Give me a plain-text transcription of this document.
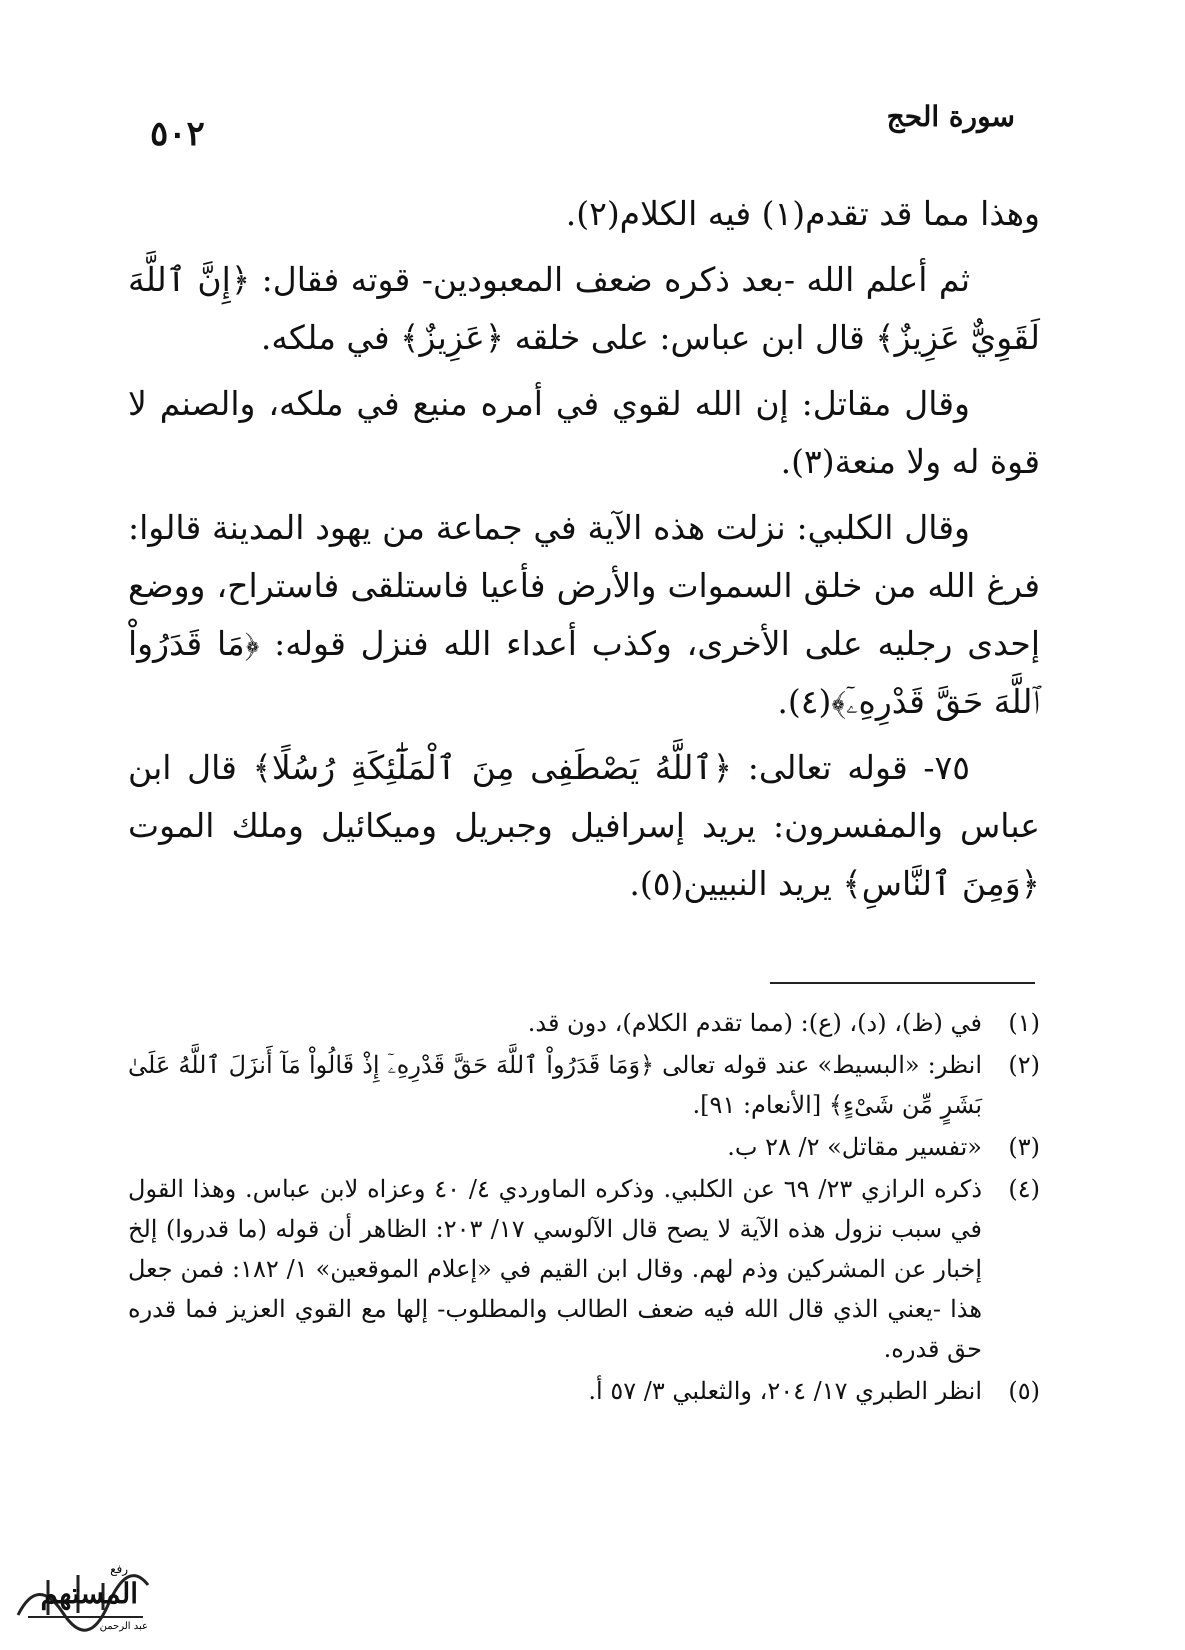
٥٠٢	سورة الحج

وهذا مما قد تقدم(١) فيه الكلام(٢).

ثم أعلم الله -بعد ذكره ضعف المعبودين- قوته فقال: ﴿إِنَّ ٱللَّهَ لَقَوِيٌّ عَزِيزٌ﴾ قال ابن عباس: على خلقه ﴿عَزِيزٌ﴾ في ملكه.

وقال مقاتل: إن الله لقوي في أمره منيع في ملكه، والصنم لا قوة له ولا منعة(٣).

وقال الكلبي: نزلت هذه الآية في جماعة من يهود المدينة قالوا: فرغ الله من خلق السموات والأرض فأعيا فاستلقى فاستراح، ووضع إحدى رجليه على الأخرى، وكذب أعداء الله فنزل قوله: ﴿مَا قَدَرُواْ ٱللَّهَ حَقَّ قَدْرِهِۦٓ﴾(٤).

٧٥- قوله تعالى: ﴿ٱللَّهُ يَصْطَفِى مِنَ ٱلْمَلَٰٓئِكَةِ رُسُلًا﴾ قال ابن عباس والمفسرون: يريد إسرافيل وجبريل وميكائيل وملك الموت ﴿وَمِنَ ٱلنَّاسِ﴾ يريد النبيين(٥).

(١)
في (ظ)، (د)، (ع): (مما تقدم الكلام)، دون قد.
(٢)
انظر: «البسيط» عند قوله تعالى ﴿وَمَا قَدَرُواْ ٱللَّهَ حَقَّ قَدْرِهِۦٓ إِذْ قَالُواْ مَآ أَنزَلَ ٱللَّهُ عَلَىٰ بَشَرٍ مِّن شَىْءٍ﴾ [الأنعام: ٩١].
(٣)
«تفسير مقاتل» ٢/ ٢٨ ب.
(٤)
ذكره الرازي ٢٣/ ٦٩ عن الكلبي. وذكره الماوردي ٤/ ٤٠ وعزاه لابن عباس. وهذا القول في سبب نزول هذه الآية لا يصح قال الآلوسي ١٧/ ٢٠٣: الظاهر أن قوله (ما قدروا) إلخ إخبار عن المشركين وذم لهم. وقال ابن القيم في «إعلام الموقعين» ١/ ١٨٢: فمن جعل هذا -يعني الذي قال الله فيه ضعف الطالب والمطلوب- إلها مع القوي العزيز فما قدره حق قدره.
(٥)
انظر الطبري ١٧/ ٢٠٤، والثعلبي ٣/ ٥٧ أ.
رفع
المستهم
عبد الرحمن
